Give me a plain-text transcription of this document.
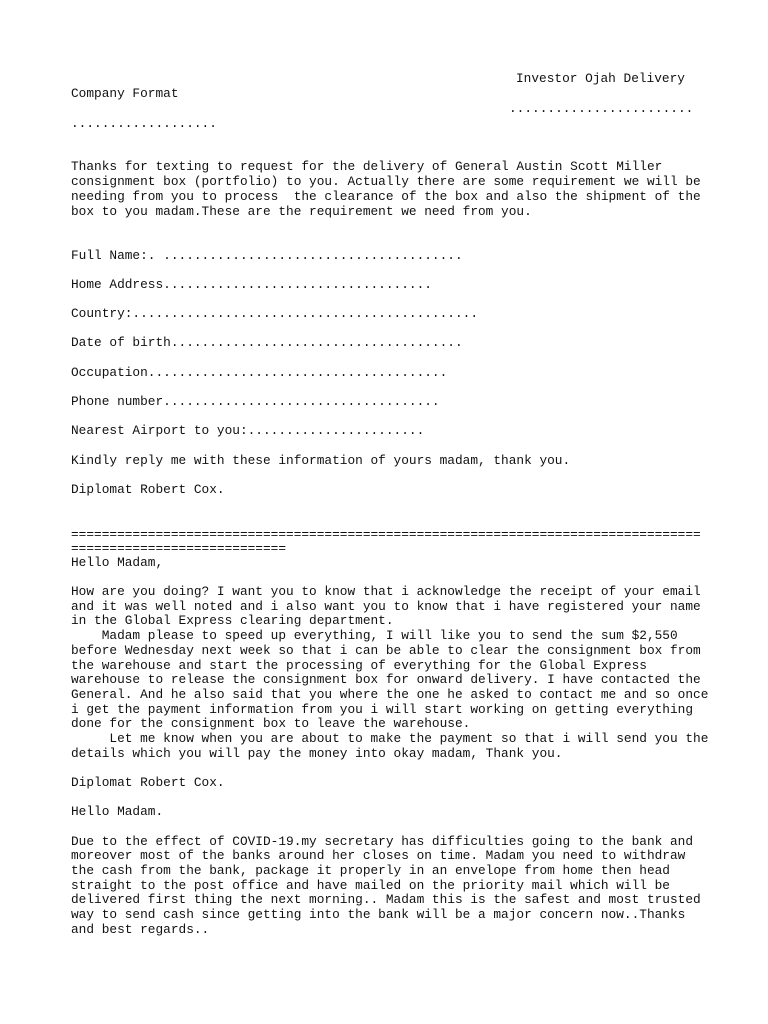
Investor Ojah Delivery

Company Format

........................

...................

Thanks for texting to request for the delivery of General Austin Scott Miller

consignment box (portfolio) to you. Actually there are some requirement we will be

needing from you to process  the clearance of the box and also the shipment of the

box to you madam.These are the requirement we need from you.

Full Name:. .......................................

Home Address...................................

Country:.............................................

Date of birth......................................

Occupation.......................................

Phone number....................................

Nearest Airport to you:.......................

Kindly reply me with these information of yours madam, thank you.

Diplomat Robert Cox.

==================================================================================

============================

Hello Madam,

How are you doing? I want you to know that i acknowledge the receipt of your email

and it was well noted and i also want you to know that i have registered your name

in the Global Express clearing department.

Madam please to speed up everything, I will like you to send the sum $2,550

before Wednesday next week so that i can be able to clear the consignment box from

the warehouse and start the processing of everything for the Global Express

warehouse to release the consignment box for onward delivery. I have contacted the

General. And he also said that you where the one he asked to contact me and so once

i get the payment information from you i will start working on getting everything

done for the consignment box to leave the warehouse.

Let me know when you are about to make the payment so that i will send you the

details which you will pay the money into okay madam, Thank you.

Diplomat Robert Cox.

Hello Madam.

Due to the effect of COVID-19.my secretary has difficulties going to the bank and

moreover most of the banks around her closes on time. Madam you need to withdraw

the cash from the bank, package it properly in an envelope from home then head

straight to the post office and have mailed on the priority mail which will be

delivered first thing the next morning.. Madam this is the safest and most trusted

way to send cash since getting into the bank will be a major concern now..Thanks

and best regards..
